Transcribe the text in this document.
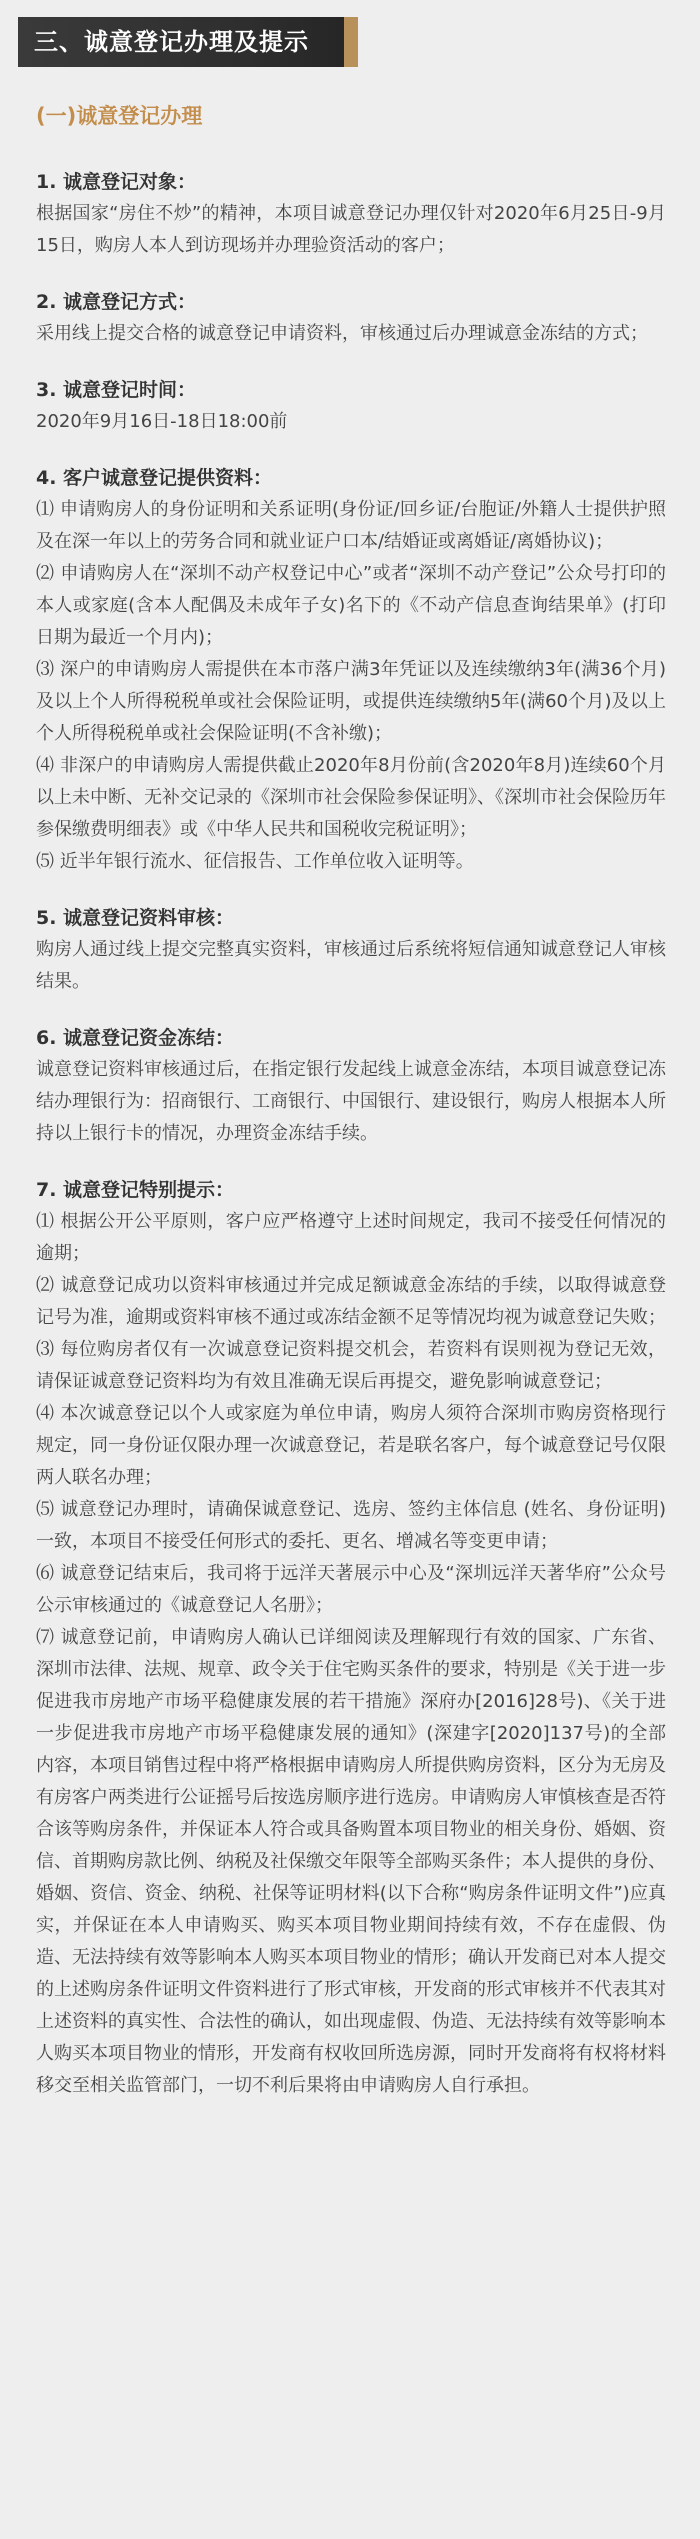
三、诚意登记办理及提示
(一)诚意登记办理
1. 诚意登记对象：

根据国家“房住不炒”的精神，本项目诚意登记办理仅针对2020年6月25日-9月15日，购房人本人到访现场并办理验资活动的客户；

2. 诚意登记方式：

采用线上提交合格的诚意登记申请资料，审核通过后办理诚意金冻结的方式；

3. 诚意登记时间：

2020年9月16日-18日18:00前

4. 客户诚意登记提供资料：

⑴ 申请购房人的身份证明和关系证明(身份证/回乡证/台胞证/外籍人士提供护照及在深一年以上的劳务合同和就业证户口本/结婚证或离婚证/离婚协议)；

⑵ 申请购房人在“深圳不动产权登记中心”或者“深圳不动产登记”公众号打印的本人或家庭(含本人配偶及未成年子女)名下的《不动产信息查询结果单》(打印日期为最近一个月内)；

⑶ 深户的申请购房人需提供在本市落户满3年凭证以及连续缴纳3年(满36个月)及以上个人所得税税单或社会保险证明，或提供连续缴纳5年(满60个月)及以上个人所得税税单或社会保险证明(不含补缴)；

⑷ 非深户的申请购房人需提供截止2020年8月份前(含2020年8月)连续60个月以上未中断、无补交记录的《深圳市社会保险参保证明》、《深圳市社会保险历年参保缴费明细表》或《中华人民共和国税收完税证明》；

⑸ 近半年银行流水、征信报告、工作单位收入证明等。

5. 诚意登记资料审核：

购房人通过线上提交完整真实资料，审核通过后系统将短信通知诚意登记人审核结果。

6. 诚意登记资金冻结：

诚意登记资料审核通过后，在指定银行发起线上诚意金冻结，本项目诚意登记冻结办理银行为：招商银行、工商银行、中国银行、建设银行，购房人根据本人所持以上银行卡的情况，办理资金冻结手续。

7. 诚意登记特别提示：

⑴ 根据公开公平原则，客户应严格遵守上述时间规定，我司不接受任何情况的逾期；

⑵ 诚意登记成功以资料审核通过并完成足额诚意金冻结的手续，以取得诚意登记号为准，逾期或资料审核不通过或冻结金额不足等情况均视为诚意登记失败；

⑶ 每位购房者仅有一次诚意登记资料提交机会，若资料有误则视为登记无效，请保证诚意登记资料均为有效且准确无误后再提交，避免影响诚意登记；

⑷ 本次诚意登记以个人或家庭为单位申请，购房人须符合深圳市购房资格现行规定，同一身份证仅限办理一次诚意登记，若是联名客户，每个诚意登记号仅限两人联名办理；

⑸ 诚意登记办理时，请确保诚意登记、选房、签约主体信息 (姓名、身份证明) 一致，本项目不接受任何形式的委托、更名、增减名等变更申请；

⑹ 诚意登记结束后，我司将于远洋天著展示中心及“深圳远洋天著华府”公众号公示审核通过的《诚意登记人名册》；

⑺ 诚意登记前，申请购房人确认已详细阅读及理解现行有效的国家、广东省、深圳市法律、法规、规章、政令关于住宅购买条件的要求，特别是《关于进一步促进我市房地产市场平稳健康发展的若干措施》深府办[2016]28号)、《关于进一步促进我市房地产市场平稳健康发展的通知》(深建字[2020]137号)的全部内容，本项目销售过程中将严格根据申请购房人所提供购房资料，区分为无房及有房客户两类进行公证摇号后按选房顺序进行选房。申请购房人审慎核查是否符合该等购房条件，并保证本人符合或具备购置本项目物业的相关身份、婚姻、资信、首期购房款比例、纳税及社保缴交年限等全部购买条件；本人提供的身份、婚姻、资信、资金、纳税、社保等证明材料(以下合称“购房条件证明文件”)应真实，并保证在本人申请购买、购买本项目物业期间持续有效，不存在虚假、伪造、无法持续有效等影响本人购买本项目物业的情形；确认开发商已对本人提交的上述购房条件证明文件资料进行了形式审核，开发商的形式审核并不代表其对上述资料的真实性、合法性的确认，如出现虚假、伪造、无法持续有效等影响本人购买本项目物业的情形，开发商有权收回所选房源，同时开发商将有权将材料移交至相关监管部门，一切不利后果将由申请购房人自行承担。
